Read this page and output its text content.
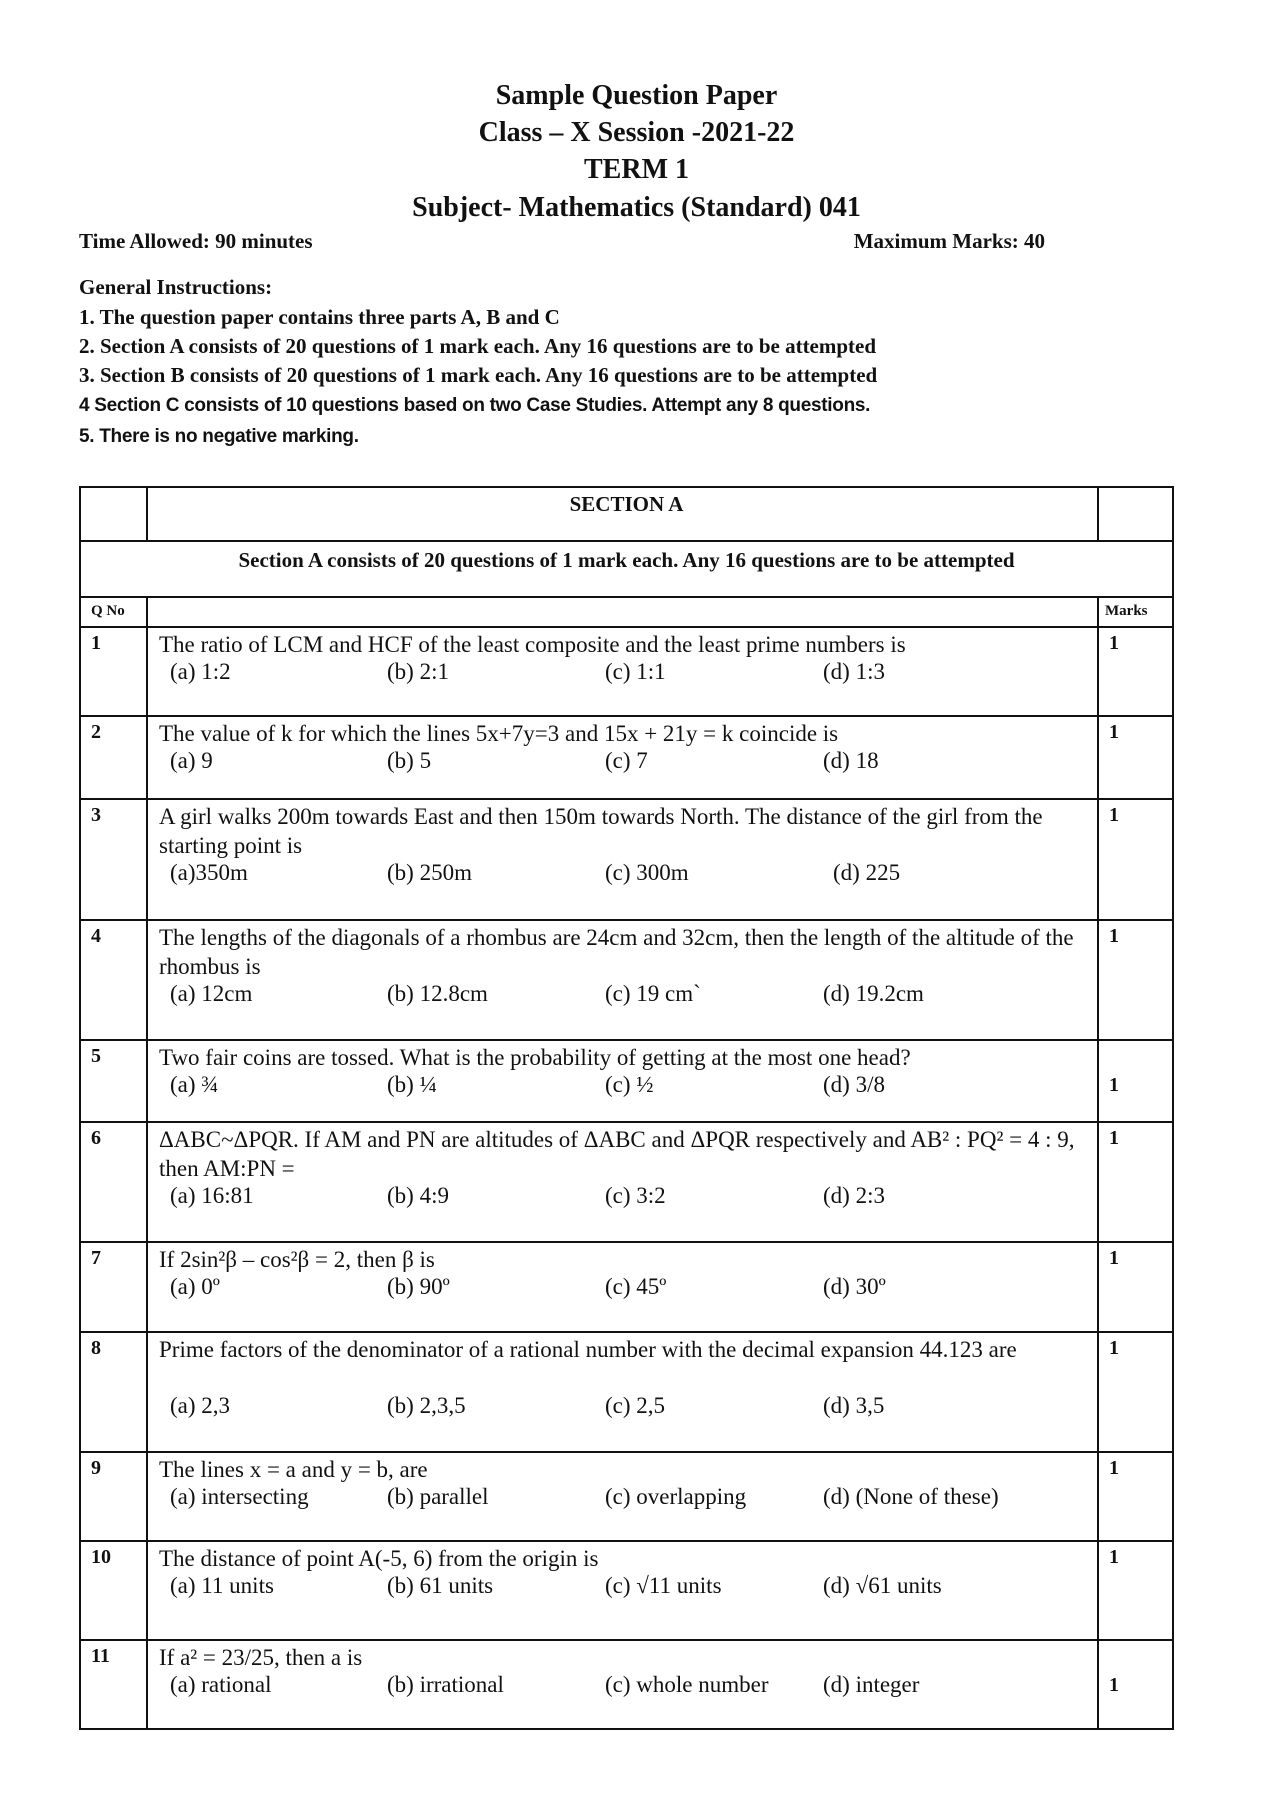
Sample Question Paper
Class – X Session -2021-22
TERM 1
Subject- Mathematics (Standard) 041
Time Allowed: 90 minutes	Maximum Marks: 40
General Instructions:
1. The question paper contains three parts A, B and C
2. Section A consists of 20 questions of 1 mark each. Any 16 questions are to be attempted
3. Section B consists of 20 questions of 1 mark each. Any 16 questions are to be attempted
4 Section C consists of 10 questions based on two Case Studies. Attempt any 8 questions.
5. There is no negative marking.
SECTION A
Section A consists of 20 questions of 1 mark each. Any 16 questions are to be attempted
Q No	Marks
1	The ratio of LCM and HCF of the least composite and the least prime numbers is
(a) 1:2	(b) 2:1	(c) 1:1	(d) 1:3
1
2	The value of k for which the lines 5x+7y=3 and 15x + 21y = k coincide is
(a) 9	(b) 5	(c) 7	(d) 18
1
3	A girl walks 200m towards East and then 150m towards North. The distance of the girl from the starting point is
(a)350m	(b) 250m	(c) 300m	(d) 225
1
4	The lengths of the diagonals of a rhombus are 24cm and 32cm, then the length of the altitude of the rhombus is
(a) 12cm	(b) 12.8cm	(c) 19 cm`	(d) 19.2cm
1
5	Two fair coins are tossed. What is the probability of getting at the most one head?
(a) ¾	(b) ¼	(c) ½	(d) 3/8	1
6	ΔABC~ΔPQR. If AM and PN are altitudes of ΔABC and ΔPQR respectively and AB² : PQ² = 4 : 9, then AM:PN =
(a) 16:81	(b) 4:9	(c) 3:2	(d) 2:3
1
7	If 2sin²β – cos²β = 2, then β is
(a) 0º	(b) 90º	(c) 45º	(d) 30º
1
8	Prime factors of the denominator of a rational number with the decimal expansion 44.123 are
(a) 2,3	(b) 2,3,5	(c) 2,5	(d) 3,5
1
9	The lines x = a and y = b, are
(a) intersecting	(b) parallel	(c) overlapping	(d) (None of these)
1
10 The distance of point A(-5, 6) from the origin is
(a) 11 units	(b) 61 units	(c) √11 units	(d) √61 units
1
11 If a² = 23/25, then a is
(a) rational	(b) irrational	(c) whole number (d) integer	1
